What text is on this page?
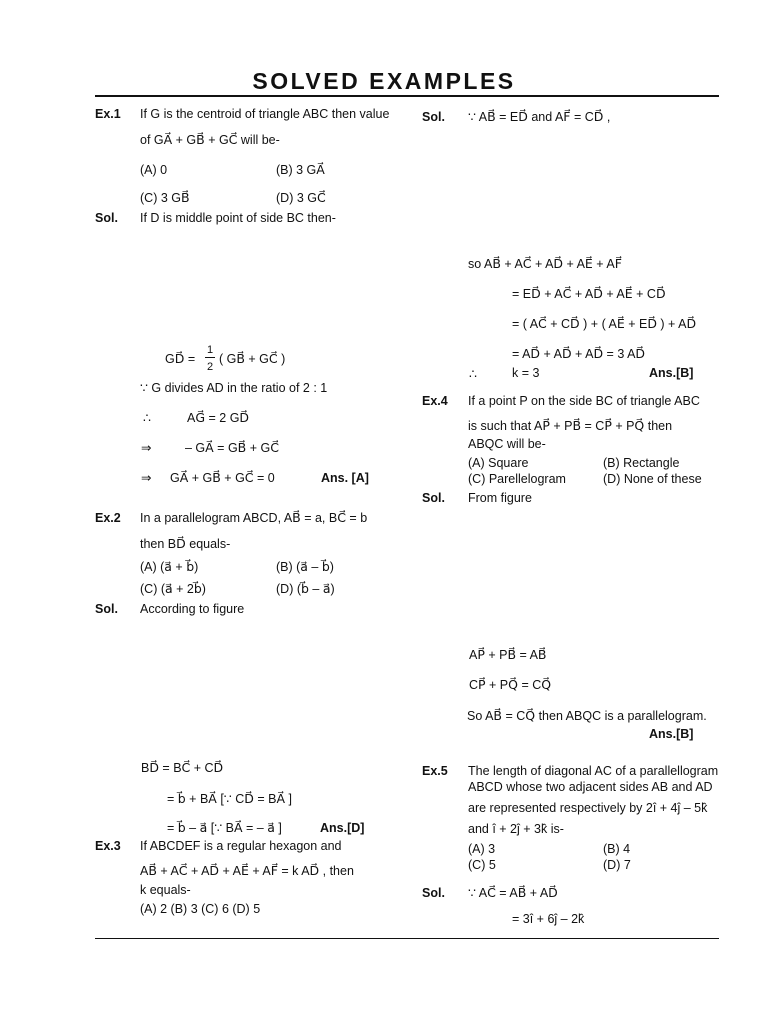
SOLVED EXAMPLES
Ex.1 If G is the centroid of triangle ABC then value
of GA⃗ + GB⃗ + GC⃗ will be-
(A) 0	(B) 3 GA⃗
(C) 3 GB⃗	(D) 3 GC⃗
Sol. If D is middle point of side BC then-
GD⃗ =
1
2
( GB⃗ + GC⃗ )
∵ G divides AD in the ratio of 2 : 1
∴	AG⃗ = 2 GD⃗
⇒	– GA⃗ = GB⃗ + GC⃗
⇒ GA⃗ + GB⃗ + GC⃗ = 0	Ans. [A]
Ex.2 In a parallelogram ABCD, AB⃗ = a, BC⃗ = b
then BD⃗ equals-
(A) (a⃗ + b⃗)	(B) (a⃗ – b⃗)
(C) (a⃗ + 2b⃗)	(D) (b⃗ – a⃗)
Sol. According to figure
BD⃗ = BC⃗ + CD⃗
= b⃗ + BA⃗ [∵ CD⃗ = BA⃗ ]
= b⃗ – a⃗ [∵ BA⃗ = – a⃗ ]	Ans.[D]
Ex.3 If ABCDEF is a regular hexagon and
AB⃗ + AC⃗ + AD⃗ + AE⃗ + AF⃗ = k AD⃗ , then
k equals-
(A) 2 (B) 3 (C) 6 (D) 5
Sol. ∵ AB⃗ = ED⃗ and AF⃗ = CD⃗ ,
so AB⃗ + AC⃗ + AD⃗ + AE⃗ + AF⃗
= ED⃗ + AC⃗ + AD⃗ + AE⃗ + CD⃗
= ( AC⃗ + CD⃗ ) + ( AE⃗ + ED⃗ ) + AD⃗
= AD⃗ + AD⃗ + AD⃗ = 3 AD⃗
∴	k = 3	Ans.[B]
Ex.4 If a point P on the side BC of triangle ABC
is such that AP⃗ + PB⃗ = CP⃗ + PQ⃗ then
ABQC will be-
(A) Square	(B) Rectangle
(C) Parellelogram	(D) None of these
Sol. From figure
AP⃗ + PB⃗ = AB⃗
CP⃗ + PQ⃗ = CQ⃗
So AB⃗ = CQ⃗ then ABQC is a parallelogram.
Ans.[B]
Ex.5 The length of diagonal AC of a parallellogram
ABCD whose two adjacent sides AB and AD
are represented respectively by 2î + 4ĵ – 5k̂
and î + 2ĵ + 3k̂ is-
(A) 3	(B) 4
(C) 5	(D) 7
Sol. ∵ AC⃗ = AB⃗ + AD⃗
= 3î + 6ĵ – 2k̂
